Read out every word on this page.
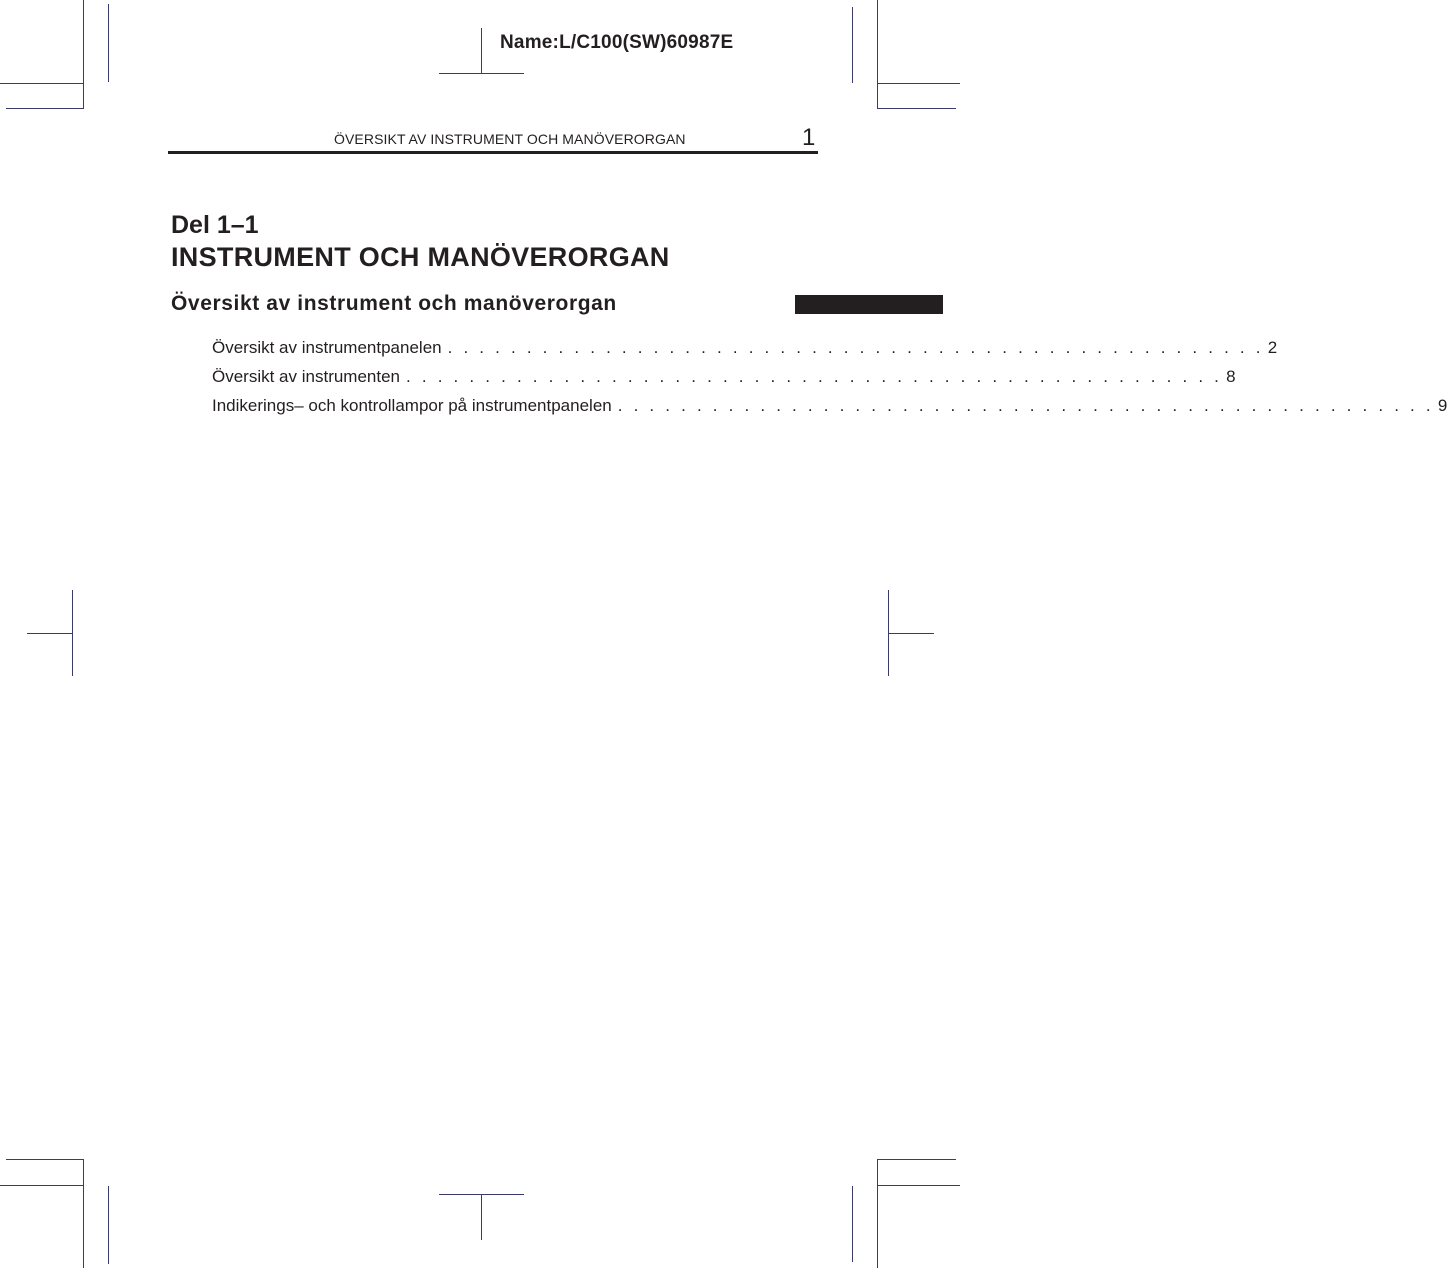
Name:L/C100(SW)60987E
ÖVERSIKT AV INSTRUMENT OCH MANÖVERORGAN	1
Del 1–1
INSTRUMENT OCH MANÖVERORGAN
Översikt av instrument och manöverorgan
Översikt av instrumentpanelen . . . . . . . . . . . . . . . . . . . . . . . . . . . . . . . . . . . . . . . . . . . . . . . . . . . . 2
Översikt av instrumenten . . . . . . . . . . . . . . . . . . . . . . . . . . . . . . . . . . . . . . . . . . . . . . . . . . . . 8
Indikerings– och kontrollampor på instrumentpanelen . . . . . . . . . . . . . . . . . . . . . . . . . . . . . . . . . . . . . . . . . . . . . . . . . . . . 9
